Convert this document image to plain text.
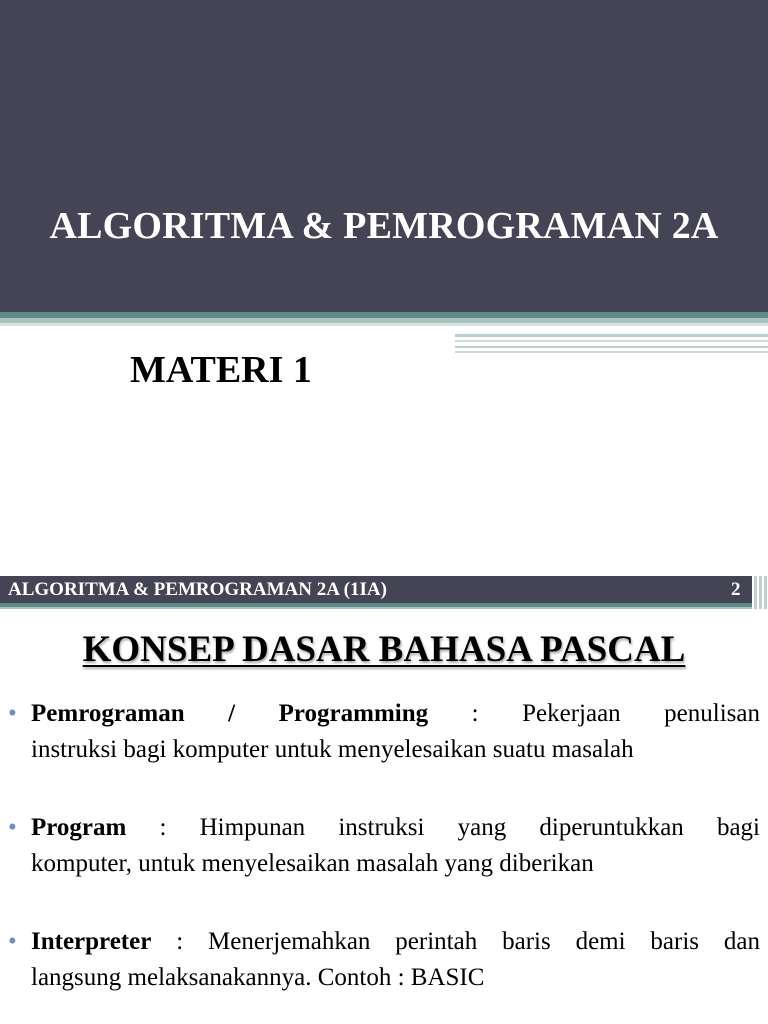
ALGORITMA & PEMROGRAMAN 2A
MATERI 1
ALGORITMA & PEMROGRAMAN 2A (1IA)	2
KONSEP DASAR BAHASA PASCAL
• Pemrograman / Programming : Pekerjaan penulisan
instruksi bagi komputer untuk menyelesaikan suatu masalah
• Program : Himpunan instruksi yang diperuntukkan bagi
komputer, untuk menyelesaikan masalah yang diberikan
• Interpreter : Menerjemahkan perintah baris demi baris dan
langsung melaksanakannya. Contoh : BASIC
